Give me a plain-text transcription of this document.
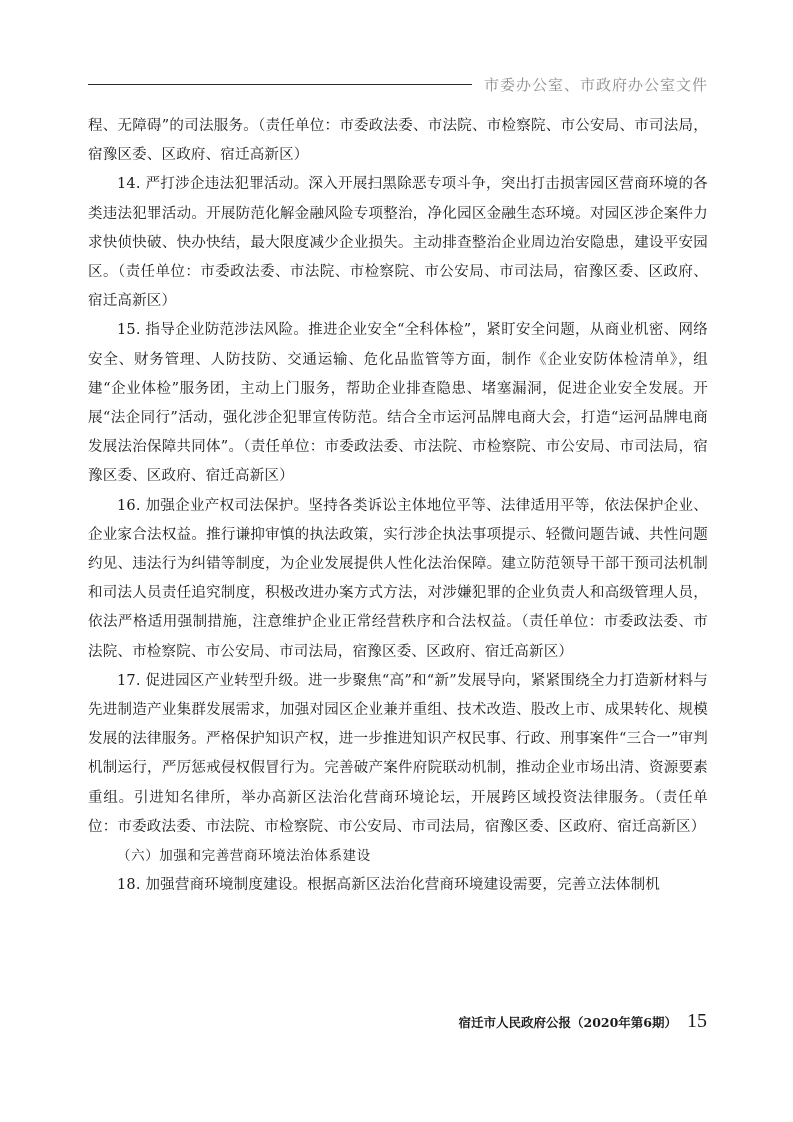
市委办公室、市政府办公室文件

程、无障碍”的司法服务。（责任单位：市委政法委、市法院、市检察院、市公安局、市司法局，宿豫区委、区政府、宿迁高新区）

14. 严打涉企违法犯罪活动。深入开展扫黑除恶专项斗争，突出打击损害园区营商环境的各类违法犯罪活动。开展防范化解金融风险专项整治，净化园区金融生态环境。对园区涉企案件力求快侦快破、快办快结，最大限度减少企业损失。主动排查整治企业周边治安隐患，建设平安园区。（责任单位：市委政法委、市法院、市检察院、市公安局、市司法局，宿豫区委、区政府、宿迁高新区）

15. 指导企业防范涉法风险。推进企业安全“全科体检”，紧盯安全问题，从商业机密、网络安全、财务管理、人防技防、交通运输、危化品监管等方面，制作《企业安防体检清单》，组建“企业体检”服务团，主动上门服务，帮助企业排查隐患、堵塞漏洞，促进企业安全发展。开展“法企同行”活动，强化涉企犯罪宣传防范。结合全市运河品牌电商大会，打造“运河品牌电商发展法治保障共同体”。（责任单位：市委政法委、市法院、市检察院、市公安局、市司法局，宿豫区委、区政府、宿迁高新区）

16. 加强企业产权司法保护。坚持各类诉讼主体地位平等、法律适用平等，依法保护企业、企业家合法权益。推行谦抑审慎的执法政策，实行涉企执法事项提示、轻微问题告诫、共性问题约见、违法行为纠错等制度，为企业发展提供人性化法治保障。建立防范领导干部干预司法机制和司法人员责任追究制度，积极改进办案方式方法，对涉嫌犯罪的企业负责人和高级管理人员，依法严格适用强制措施，注意维护企业正常经营秩序和合法权益。（责任单位：市委政法委、市法院、市检察院、市公安局、市司法局，宿豫区委、区政府、宿迁高新区）

17. 促进园区产业转型升级。进一步聚焦“高”和“新”发展导向，紧紧围绕全力打造新材料与先进制造产业集群发展需求，加强对园区企业兼并重组、技术改造、股改上市、成果转化、规模发展的法律服务。严格保护知识产权，进一步推进知识产权民事、行政、刑事案件“三合一”审判机制运行，严厉惩戒侵权假冒行为。完善破产案件府院联动机制，推动企业市场出清、资源要素重组。引进知名律所，举办高新区法治化营商环境论坛，开展跨区域投资法律服务。（责任单位：市委政法委、市法院、市检察院、市公安局、市司法局，宿豫区委、区政府、宿迁高新区）

（六）加强和完善营商环境法治体系建设

18. 加强营商环境制度建设。根据高新区法治化营商环境建设需要，完善立法体制机

宿迁市人民政府公报（2020年第6期） 15
